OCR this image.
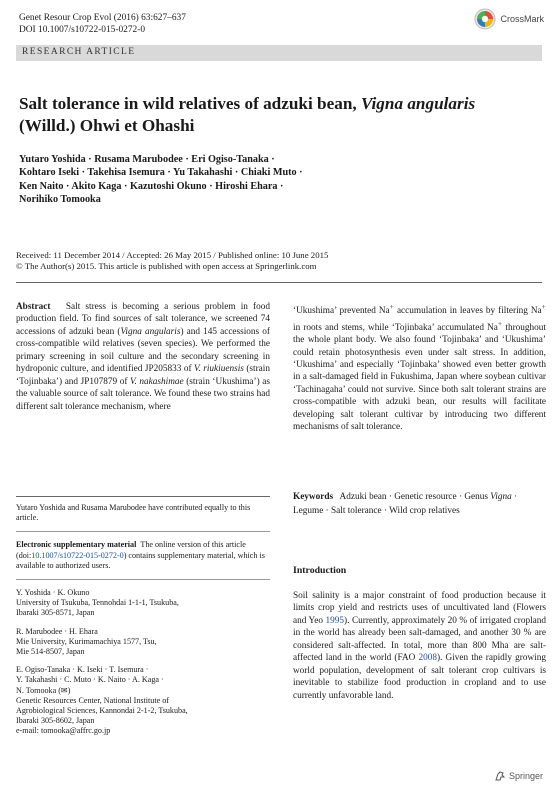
Genet Resour Crop Evol (2016) 63:627–637
DOI 10.1007/s10722-015-0272-0
CrossMark
RESEARCH ARTICLE
Salt tolerance in wild relatives of adzuki bean, Vigna angularis (Willd.) Ohwi et Ohashi
Yutaro Yoshida · Rusama Marubodee · Eri Ogiso-Tanaka ·
Kohtaro Iseki · Takehisa Isemura · Yu Takahashi · Chiaki Muto ·
Ken Naito · Akito Kaga · Kazutoshi Okuno · Hiroshi Ehara ·
Norihiko Tomooka
Received: 11 December 2014 / Accepted: 26 May 2015 / Published online: 10 June 2015
© The Author(s) 2015. This article is published with open access at Springerlink.com
Abstract Salt stress is becoming a serious problem in food production field. To find sources of salt tolerance, we screened 74 accessions of adzuki bean (Vigna angularis) and 145 accessions of cross-compatible wild relatives (seven species). We performed the primary screening in soil culture and the secondary screening in hydroponic culture, and identified JP205833 of V. riukiuensis (strain ‘Tojinbaka’) and JP107879 of V. nakashimae (strain ‘Ukushima’) as the valuable source of salt tolerance. We found these two strains had different salt tolerance mechanism, where
‘Ukushima’ prevented Na+ accumulation in leaves by filtering Na+ in roots and stems, while ‘Tojinbaka’ accumulated Na+ throughout the whole plant body. We also found ‘Tojinbaka’ and ‘Ukushima’ could retain photosynthesis even under salt stress. In addition, ‘Ukushima’ and especially ‘Tojinbaka’ showed even better growth in a salt-damaged field in Fukushima, Japan where soybean cultivar ‘Tachinagaha’ could not survive. Since both salt tolerant strains are cross-compatible with adzuki bean, our results will facilitate developing salt tolerant cultivar by introducing two different mechanisms of salt tolerance.
Keywords Adzuki bean · Genetic resource · Genus Vigna · Legume · Salt tolerance · Wild crop relatives
Yutaro Yoshida and Rusama Marubodee have contributed equally to this article.
Electronic supplementary material The online version of this article (doi:10.1007/s10722-015-0272-0) contains supplementary material, which is available to authorized users.
Y. Yoshida · K. Okuno
University of Tsukuba, Tennohdai 1-1-1, Tsukuba,
Ibaraki 305-8571, Japan
R. Marubodee · H. Ehara
Mie University, Kurimamachiya 1577, Tsu,
Mie 514-8507, Japan
E. Ogiso-Tanaka · K. Iseki · T. Isemura ·
Y. Takahashi · C. Muto · K. Naito · A. Kaga ·
N. Tomooka (✉)
Genetic Resources Center, National Institute of
Agrobiological Sciences, Kannondai 2-1-2, Tsukuba,
Ibaraki 305-8602, Japan
e-mail: tomooka@affrc.go.jp
Introduction
Soil salinity is a major constraint of food production because it limits crop yield and restricts uses of uncultivated land (Flowers and Yeo 1995). Currently, approximately 20 % of irrigated cropland in the world has already been salt-damaged, and another 30 % are considered salt-affected. In total, more than 800 Mha are salt-affected land in the world (FAO 2008). Given the rapidly growing world population, development of salt tolerant crop cultivars is inevitable to stabilize food production in cropland and to use currently unfavorable land.
Springer
